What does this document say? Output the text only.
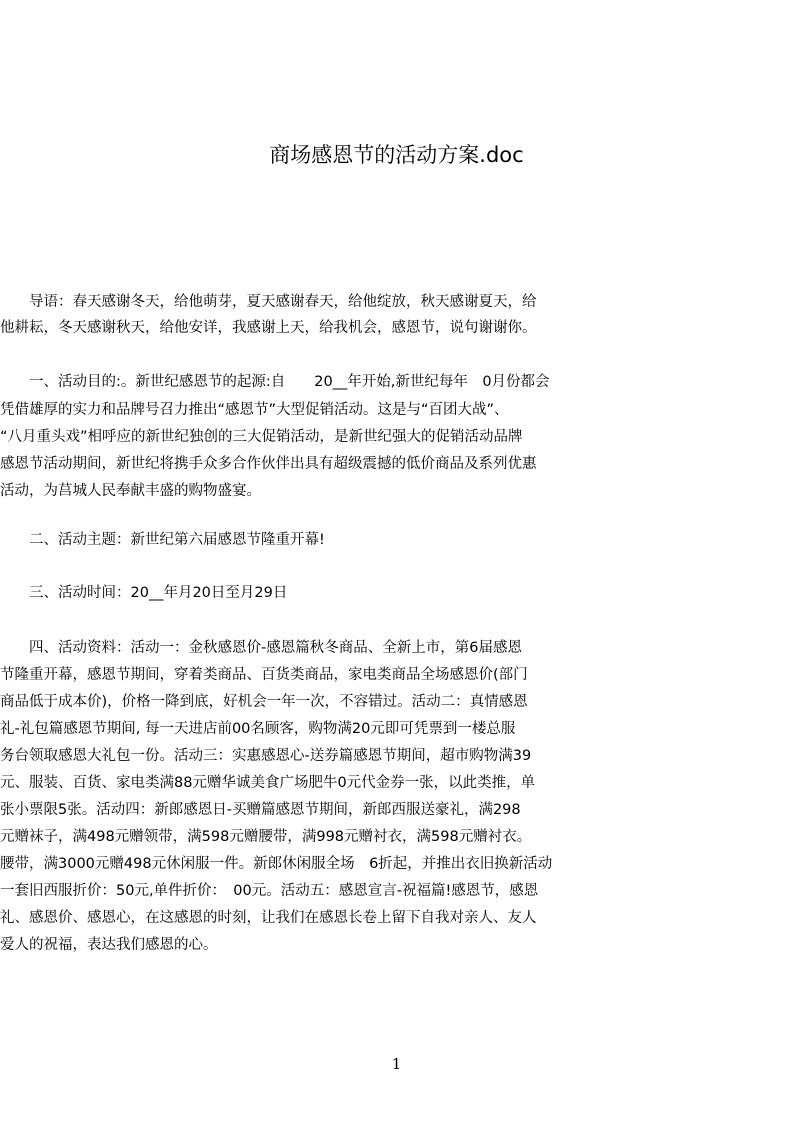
商场感恩节的活动方案.doc
　　导语：春天感谢冬天，给他萌芽，夏天感谢春天，给他绽放，秋天感谢夏天，给
他耕耘，冬天感谢秋天，给他安详，我感谢上天，给我机会，感恩节，说句谢谢你。
　　一、活动目的:。新世纪感恩节的起源:自　　20__年开始,新世纪每年　0月份都会
凭借雄厚的实力和品牌号召力推出“感恩节”大型促销活动。这是与“百团大战”、
“八月重头戏”相呼应的新世纪独创的三大促销活动，是新世纪强大的促销活动品牌
感恩节活动期间，新世纪将携手众多合作伙伴出具有超级震撼的低价商品及系列优惠
活动，为莒城人民奉献丰盛的购物盛宴。
　　二、活动主题：新世纪第六届感恩节隆重开幕!
　　三、活动时间：20__年月20日至月29日
　　四、活动资料：活动一：金秋感恩价-感恩篇秋冬商品、全新上市，第6届感恩
节隆重开幕，感恩节期间，穿着类商品、百货类商品，家电类商品全场感恩价(部门
商品低于成本价)，价格一降到底，好机会一年一次，不容错过。活动二：真情感恩
礼-礼包篇感恩节期间, 每一天进店前00名顾客，购物满20元即可凭票到一楼总服
务台领取感恩大礼包一份。活动三：实惠感恩心-送券篇感恩节期间，超市购物满39
元、服装、百货、家电类满88元赠华诚美食广场肥牛0元代金券一张，以此类推，单
张小票限5张。活动四：新郎感恩日-买赠篇感恩节期间，新郎西服送豪礼，满298
元赠袜子，满498元赠领带，满598元赠腰带，满998元赠衬衣，满598元赠衬衣。
腰带，满3000元赠498元休闲服一件。新郎休闲服全场　6折起，并推出衣旧换新活动
一套旧西服折价：50元,单件折价：　00元。活动五：感恩宣言-祝福篇!感恩节，感恩
礼、感恩价、感恩心，在这感恩的时刻，让我们在感恩长卷上留下自我对亲人、友人
爱人的祝福，表达我们感恩的心。
1
